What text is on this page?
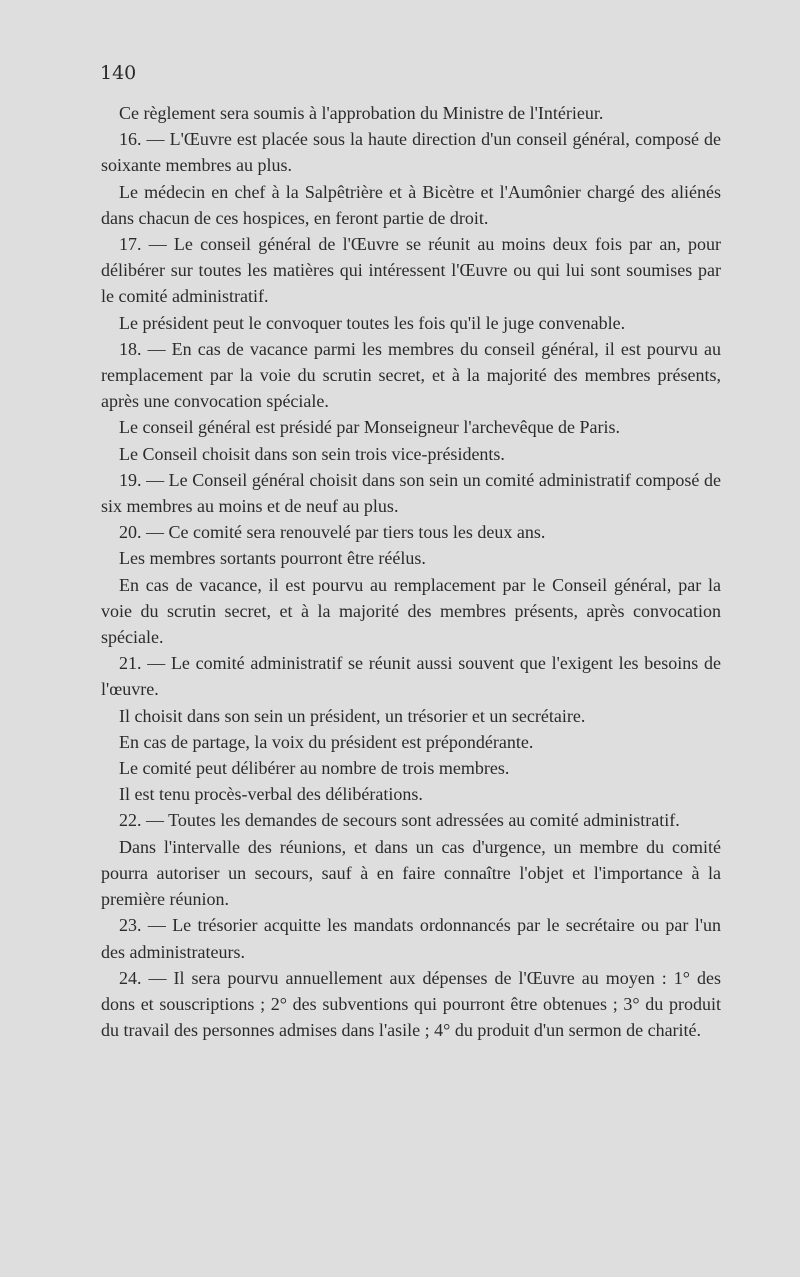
140

Ce règlement sera soumis à l'approbation du Ministre de l'Intérieur.

16. — L'Œuvre est placée sous la haute direction d'un conseil général, composé de soixante membres au plus.

Le médecin en chef à la Salpêtrière et à Bicètre et l'Aumônier chargé des aliénés dans chacun de ces hospices, en feront partie de droit.

17. — Le conseil général de l'Œuvre se réunit au moins deux fois par an, pour délibérer sur toutes les matières qui intéressent l'Œuvre ou qui lui sont soumises par le comité administratif.

Le président peut le convoquer toutes les fois qu'il le juge convenable.

18. — En cas de vacance parmi les membres du conseil général, il est pourvu au remplacement par la voie du scrutin secret, et à la majorité des membres présents, après une convocation spéciale.

Le conseil général est présidé par Monseigneur l'archevêque de Paris.

Le Conseil choisit dans son sein trois vice-présidents.

19. — Le Conseil général choisit dans son sein un comité administratif composé de six membres au moins et de neuf au plus.

20. — Ce comité sera renouvelé par tiers tous les deux ans.

Les membres sortants pourront être réélus.

En cas de vacance, il est pourvu au remplacement par le Conseil général, par la voie du scrutin secret, et à la majorité des membres présents, après convocation spéciale.

21. — Le comité administratif se réunit aussi souvent que l'exigent les besoins de l'œuvre.

Il choisit dans son sein un président, un trésorier et un secrétaire.

En cas de partage, la voix du président est prépondérante.

Le comité peut délibérer au nombre de trois membres.

Il est tenu procès-verbal des délibérations.

22. — Toutes les demandes de secours sont adressées au comité administratif.

Dans l'intervalle des réunions, et dans un cas d'urgence, un membre du comité pourra autoriser un secours, sauf à en faire connaître l'objet et l'importance à la première réunion.

23. — Le trésorier acquitte les mandats ordonnancés par le secrétaire ou par l'un des administrateurs.

24. — Il sera pourvu annuellement aux dépenses de l'Œuvre au moyen : 1° des dons et souscriptions ; 2° des subventions qui pourront être obtenues ; 3° du produit du travail des personnes admises dans l'asile ; 4° du produit d'un sermon de charité.
